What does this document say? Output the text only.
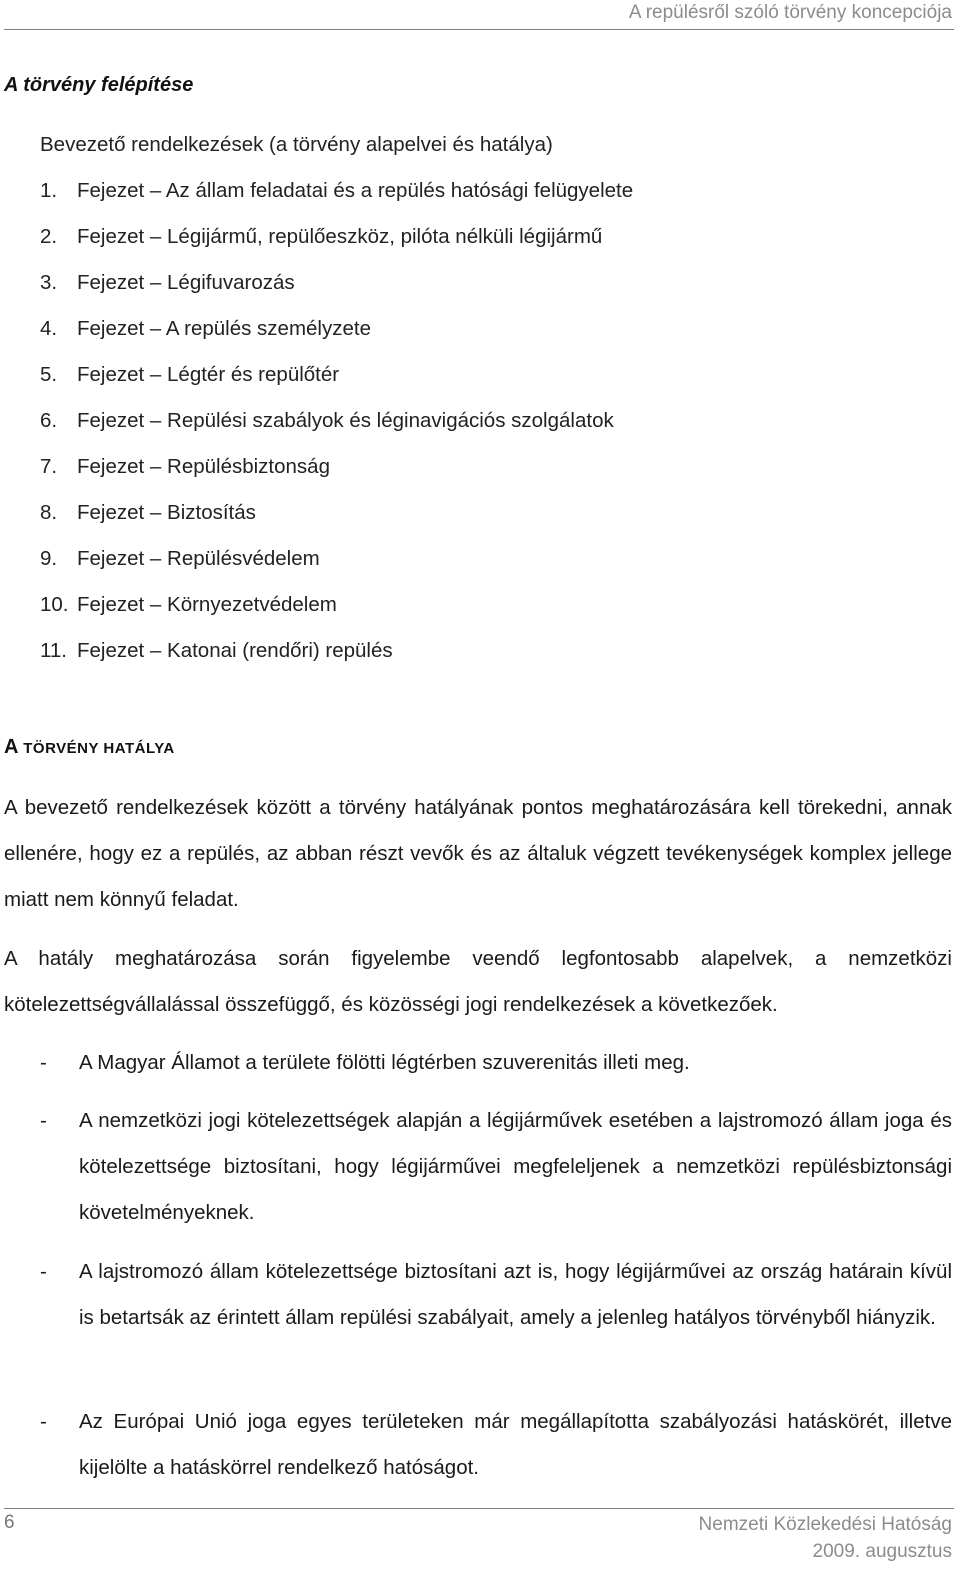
A repülésről szóló törvény koncepciója
A törvény felépítése
Bevezető rendelkezések (a törvény alapelvei és hatálya)
1. Fejezet – Az állam feladatai és a repülés hatósági felügyelete
2. Fejezet – Légijármű, repülőeszköz, pilóta nélküli légijármű
3. Fejezet – Légifuvarozás
4. Fejezet – A repülés személyzete
5. Fejezet – Légtér és repülőtér
6. Fejezet – Repülési szabályok és léginavigációs szolgálatok
7. Fejezet – Repülésbiztonság
8. Fejezet – Biztosítás
9. Fejezet – Repülésvédelem
10. Fejezet – Környezetvédelem
11. Fejezet – Katonai (rendőri) repülés
A TÖRVÉNY HATÁLYA

A bevezető rendelkezések között a törvény hatályának pontos meghatározására kell törekedni, annak ellenére, hogy ez a repülés, az abban részt vevők és az általuk végzett tevékenységek komplex jellege miatt nem könnyű feladat.

A hatály meghatározása során figyelembe veendő legfontosabb alapelvek, a nemzetközi kötelezettségvállalással összefüggő, és közösségi jogi rendelkezések a következőek.

- A Magyar Államot a területe fölötti légtérben szuverenitás illeti meg.
- A nemzetközi jogi kötelezettségek alapján a légijárművek esetében a lajstromozó állam joga és kötelezettsége biztosítani, hogy légijárművei megfeleljenek a nemzetközi repülésbiztonsági követelményeknek.
- A lajstromozó állam kötelezettsége biztosítani azt is, hogy légijárművei az ország határain kívül is betartsák az érintett állam repülési szabályait, amely a jelenleg hatályos törvényből hiányzik.
- Az Európai Unió joga egyes területeken már megállapította szabályozási hatáskörét, illetve kijelölte a hatáskörrel rendelkező hatóságot.
6	Nemzeti Közlekedési Hatóság
2009. augusztus
